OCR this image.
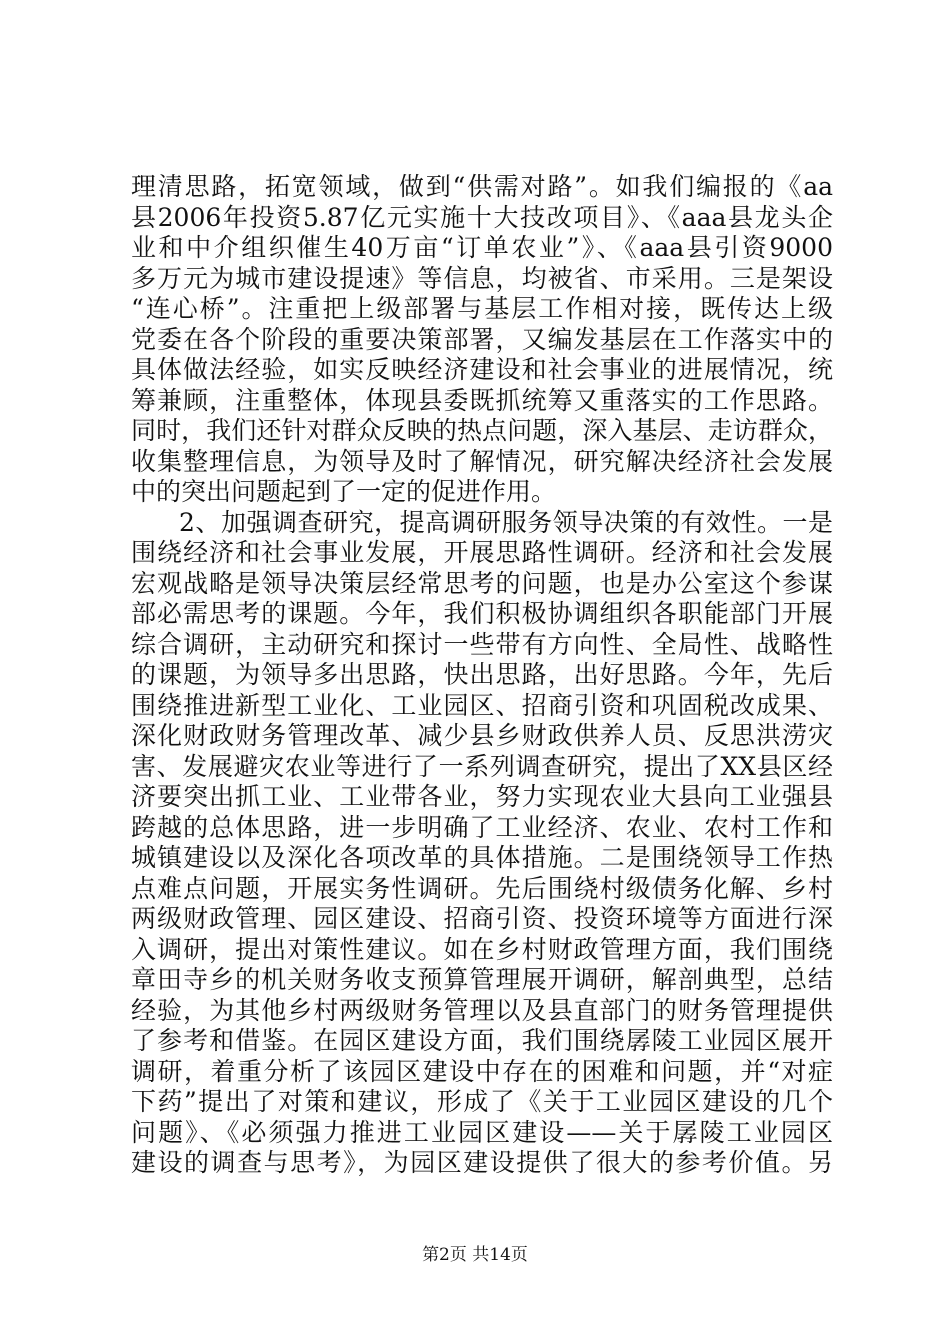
理清思路，拓宽领域，做到“供需对路”。如我们编报的《aa
县2006年投资5.87亿元实施十大技改项目》、《aaa县龙头企
业和中介组织催生40万亩“订单农业”》、《aaa县引资9000
多万元为城市建设提速》等信息，均被省、市采用。三是架设
“连心桥”。注重把上级部署与基层工作相对接，既传达上级
党委在各个阶段的重要决策部署，又编发基层在工作落实中的
具体做法经验，如实反映经济建设和社会事业的进展情况，统
筹兼顾，注重整体，体现县委既抓统筹又重落实的工作思路。
同时，我们还针对群众反映的热点问题，深入基层、走访群众，
收集整理信息，为领导及时了解情况，研究解决经济社会发展
中的突出问题起到了一定的促进作用。
2、加强调查研究，提高调研服务领导决策的有效性。一是
围绕经济和社会事业发展，开展思路性调研。经济和社会发展
宏观战略是领导决策层经常思考的问题，也是办公室这个参谋
部必需思考的课题。今年，我们积极协调组织各职能部门开展
综合调研，主动研究和探讨一些带有方向性、全局性、战略性
的课题，为领导多出思路，快出思路，出好思路。今年，先后
围绕推进新型工业化、工业园区、招商引资和巩固税改成果、
深化财政财务管理改革、减少县乡财政供养人员、反思洪涝灾
害、发展避灾农业等进行了一系列调查研究，提出了XX县区经
济要突出抓工业、工业带各业，努力实现农业大县向工业强县
跨越的总体思路，进一步明确了工业经济、农业、农村工作和
城镇建设以及深化各项改革的具体措施。二是围绕领导工作热
点难点问题，开展实务性调研。先后围绕村级债务化解、乡村
两级财政管理、园区建设、招商引资、投资环境等方面进行深
入调研，提出对策性建议。如在乡村财政管理方面，我们围绕
章田寺乡的机关财务收支预算管理展开调研，解剖典型，总结
经验，为其他乡村两级财务管理以及县直部门的财务管理提供
了参考和借鉴。在园区建设方面，我们围绕孱陵工业园区展开
调研，着重分析了该园区建设中存在的困难和问题，并“对症
下药”提出了对策和建议，形成了《关于工业园区建设的几个
问题》、《必须强力推进工业园区建设——关于孱陵工业园区
建设的调查与思考》，为园区建设提供了很大的参考价值。另
第2页 共14页
